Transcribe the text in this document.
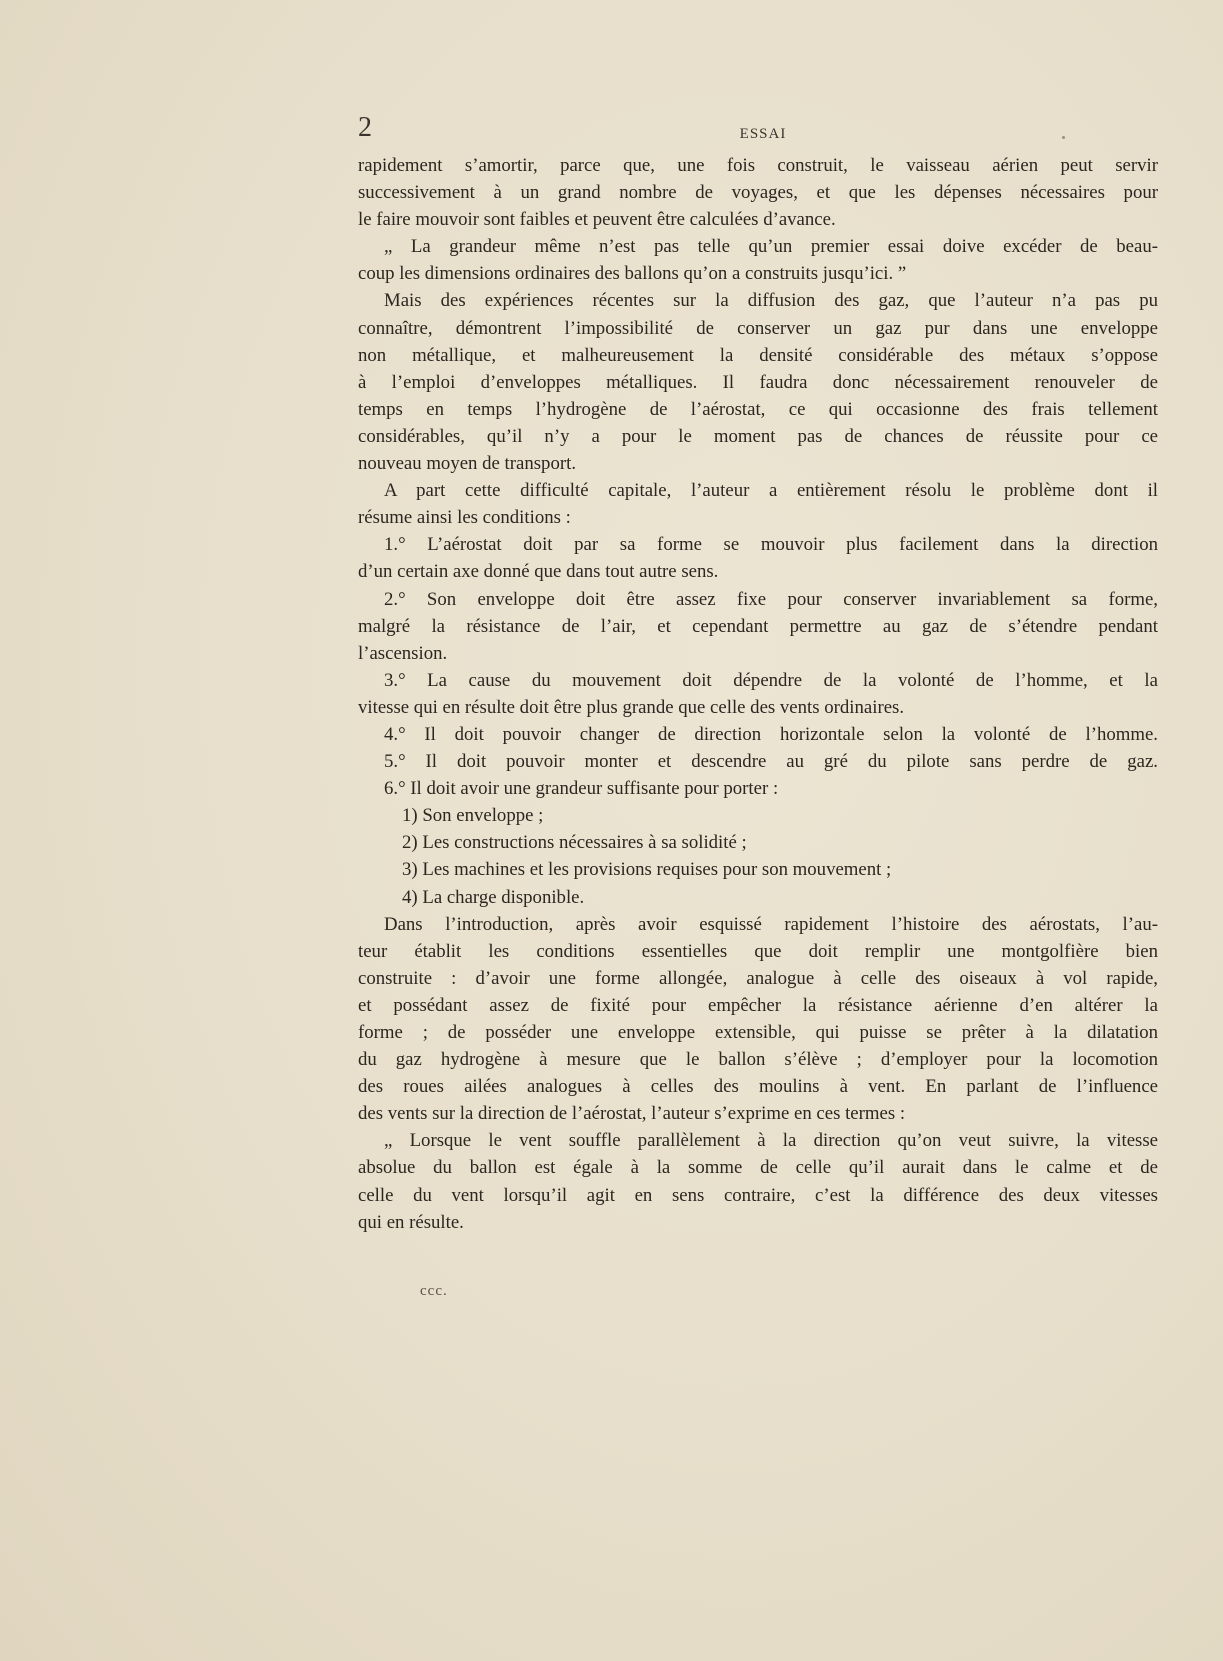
2	ESSAI
rapidement s’amortir, parce que, une fois construit, le vaisseau aérien peut servir
successivement à un grand nombre de voyages, et que les dépenses nécessaires pour
le faire mouvoir sont faibles et peuvent être calculées d’avance.
„ La grandeur même n’est pas telle qu’un premier essai doive excéder de beau-
coup les dimensions ordinaires des ballons qu’on a construits jusqu’ici. ”
Mais des expériences récentes sur la diffusion des gaz, que l’auteur n’a pas pu
connaître, démontrent l’impossibilité de conserver un gaz pur dans une enveloppe
non métallique, et malheureusement la densité considérable des métaux s’oppose
à l’emploi d’enveloppes métalliques. Il faudra donc nécessairement renouveler de
temps en temps l’hydrogène de l’aérostat, ce qui occasionne des frais tellement
considérables, qu’il n’y a pour le moment pas de chances de réussite pour ce
nouveau moyen de transport.
A part cette difficulté capitale, l’auteur a entièrement résolu le problème dont il
résume ainsi les conditions :
1.° L’aérostat doit par sa forme se mouvoir plus facilement dans la direction
d’un certain axe donné que dans tout autre sens.
2.° Son enveloppe doit être assez fixe pour conserver invariablement sa forme,
malgré la résistance de l’air, et cependant permettre au gaz de s’étendre pendant
l’ascension.
3.° La cause du mouvement doit dépendre de la volonté de l’homme, et la
vitesse qui en résulte doit être plus grande que celle des vents ordinaires.
4.° Il doit pouvoir changer de direction horizontale selon la volonté de l’homme.
5.° Il doit pouvoir monter et descendre au gré du pilote sans perdre de gaz.
6.° Il doit avoir une grandeur suffisante pour porter :
1) Son enveloppe ;
2) Les constructions nécessaires à sa solidité ;
3) Les machines et les provisions requises pour son mouvement ;
4) La charge disponible.
Dans l’introduction, après avoir esquissé rapidement l’histoire des aérostats, l’au-
teur établit les conditions essentielles que doit remplir une montgolfière bien
construite : d’avoir une forme allongée, analogue à celle des oiseaux à vol rapide,
et possédant assez de fixité pour empêcher la résistance aérienne d’en altérer la
forme ; de posséder une enveloppe extensible, qui puisse se prêter à la dilatation
du gaz hydrogène à mesure que le ballon s’élève ; d’employer pour la locomotion
des roues ailées analogues à celles des moulins à vent. En parlant de l’influence
des vents sur la direction de l’aérostat, l’auteur s’exprime en ces termes :
„ Lorsque le vent souffle parallèlement à la direction qu’on veut suivre, la vitesse
absolue du ballon est égale à la somme de celle qu’il aurait dans le calme et de
celle du vent lorsqu’il agit en sens contraire, c’est la différence des deux vitesses
qui en résulte.
ccc.
